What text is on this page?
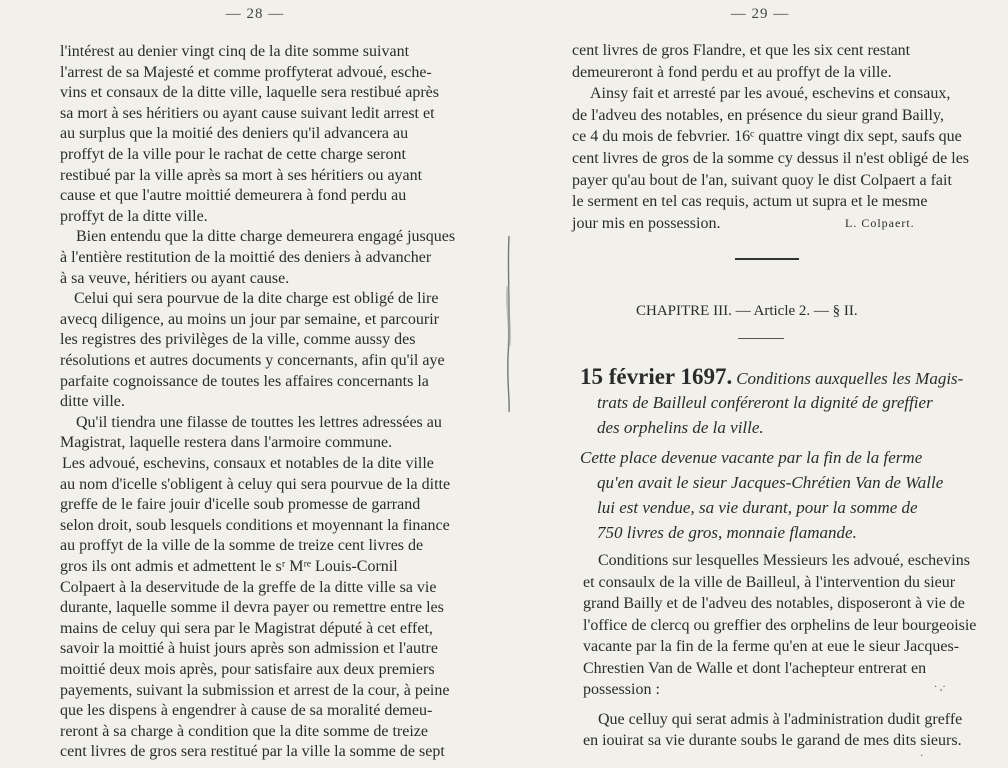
— 28 —
l'intérest au denier vingt cinq de la dite somme suivant
l'arrest de sa Majesté et comme proffyterat advoué, esche-
vins et consaux de la ditte ville, laquelle sera restibué après
sa mort à ses héritiers ou ayant cause suivant ledit arrest et
au surplus que la moitié des deniers qu'il advancera au
proffyt de la ville pour le rachat de cette charge seront
restibué par la ville après sa mort à ses héritiers ou ayant
cause et que l'autre moittié demeurera à fond perdu au
proffyt de la ditte ville.
Bien entendu que la ditte charge demeurera engagé jusques
à l'entière restitution de la moittié des deniers à advancher
à sa veuve, héritiers ou ayant cause.
Celui qui sera pourvue de la dite charge est obligé de lire
avecq diligence, au moins un jour par semaine, et parcourir
les registres des privilèges de la ville, comme aussy des
résolutions et autres documents y concernants, afin qu'il aye
parfaite cognoissance de toutes les affaires concernants la
ditte ville.
Qu'il tiendra une filasse de touttes les lettres adressées au
Magistrat, laquelle restera dans l'armoire commune.
Les advoué, eschevins, consaux et notables de la dite ville
au nom d'icelle s'obligent à celuy qui sera pourvue de la ditte
greffe de le faire jouir d'icelle soub promesse de garrand
selon droit, soub lesquels conditions et moyennant la finance
au proffyt de la ville de la somme de treize cent livres de
gros ils ont admis et admettent le sʳ Mʳᵉ Louis-Cornil
Colpaert à la deservitude de la greffe de la ditte ville sa vie
durante, laquelle somme il devra payer ou remettre entre les
mains de celuy qui sera par le Magistrat député à cet effet,
savoir la moittié à huist jours après son admission et l'autre
moittié deux mois après, pour satisfaire aux deux premiers
payements, suivant la submission et arrest de la cour, à peine
que les dispens à engendrer à cause de sa moralité demeu-
reront à sa charge à condition que la dite somme de treize
cent livres de gros sera restitué par la ville la somme de sept
— 29 —
cent livres de gros Flandre, et que les six cent restant
demeureront à fond perdu et au proffyt de la ville.
Ainsy fait et arresté par les avoué, eschevins et consaux,
de l'adveu des notables, en présence du sieur grand Bailly,
ce 4 du mois de febvrier. 16ᶜ quattre vingt dix sept, saufs que
cent livres de gros de la somme cy dessus il n'est obligé de les
payer qu'au bout de l'an, suivant quoy le dist Colpaert a fait
le serment en tel cas requis, actum ut supra et le mesme
jour mis en possession.	L. Colpaert.
CHAPITRE III. — Article 2. — § II.
15 février 1697. Conditions auxquelles les Magis-
trats de Bailleul conféreront la dignité de greffier
des orphelins de la ville.
Cette place devenue vacante par la fin de la ferme
qu'en avait le sieur Jacques-Chrétien Van de Walle
lui est vendue, sa vie durant, pour la somme de
750 livres de gros, monnaie flamande.
Conditions sur lesquelles Messieurs les advoué, eschevins
et consaulx de la ville de Bailleul, à l'intervention du sieur
grand Bailly et de l'adveu des notables, disposeront à vie de
l'office de clercq ou greffier des orphelins de leur bourgeoisie
vacante par la fin de la ferme qu'en at eue le sieur Jacques-
Chrestien Van de Walle et dont l'achepteur entrerat en
possession :
Que celluy qui serat admis à l'administration dudit greffe
en iouirat sa vie durante soubs le garand de mes dits sieurs.
· ,·
·
